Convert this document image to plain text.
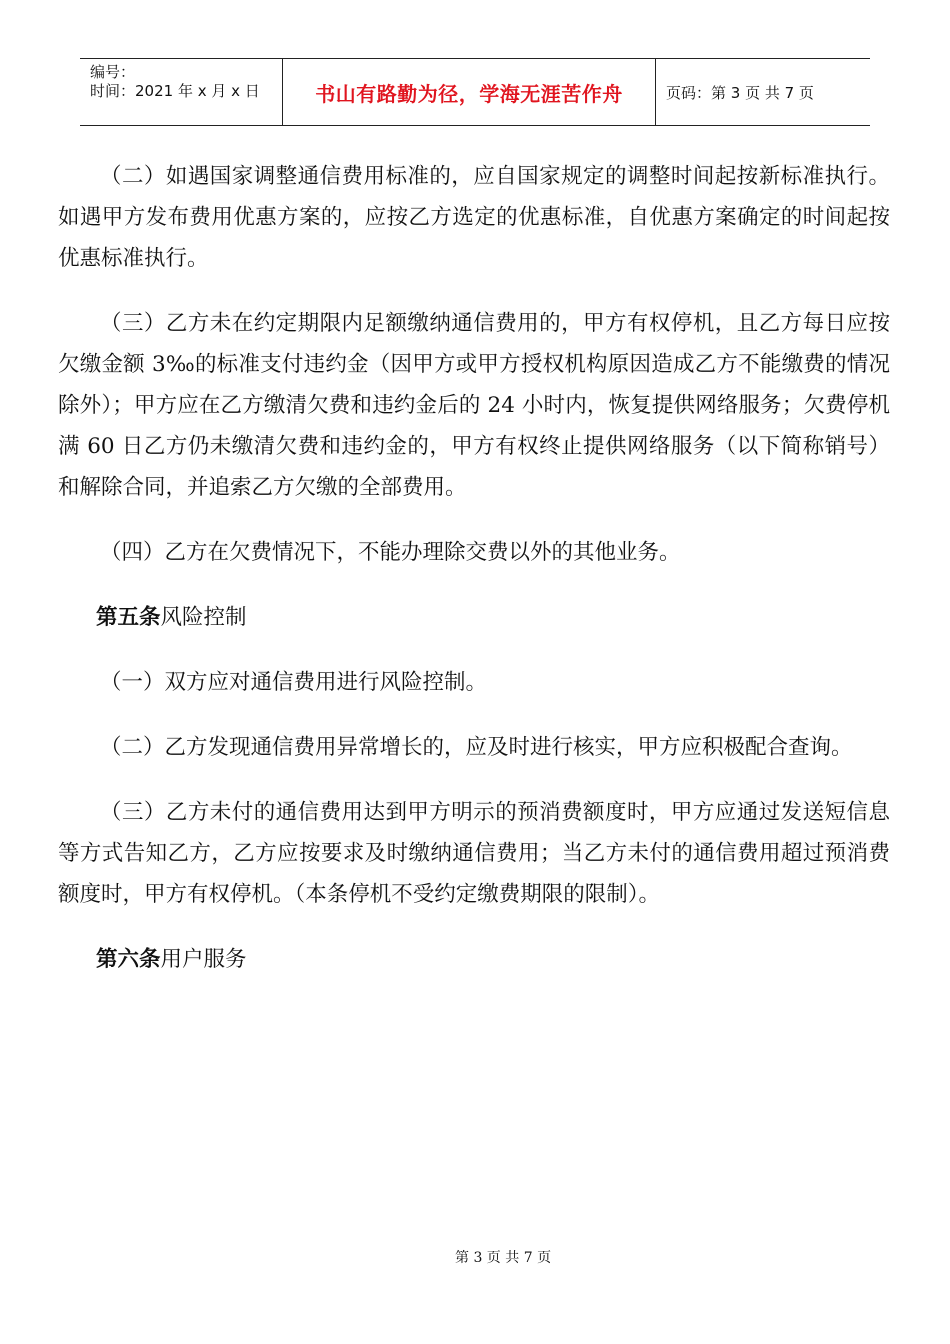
编号：
时间：2021 年 x 月 x 日	书山有路勤为径，学海无涯苦作舟	页码：第 3 页 共 7 页

（二）如遇国家调整通信费用标准的，应自国家规定的调整时间起按新标准执行。如遇甲方发布费用优惠方案的，应按乙方选定的优惠标准，自优惠方案确定的时间起按优惠标准执行。

（三）乙方未在约定期限内足额缴纳通信费用的，甲方有权停机，且乙方每日应按欠缴金额 3‰的标准支付违约金（因甲方或甲方授权机构原因造成乙方不能缴费的情况除外）；甲方应在乙方缴清欠费和违约金后的 24 小时内，恢复提供网络服务；欠费停机满 60 日乙方仍未缴清欠费和违约金的，甲方有权终止提供网络服务（以下简称销号）和解除合同，并追索乙方欠缴的全部费用。

（四）乙方在欠费情况下，不能办理除交费以外的其他业务。

第五条风险控制

（一）双方应对通信费用进行风险控制。

（二）乙方发现通信费用异常增长的，应及时进行核实，甲方应积极配合查询。

（三）乙方未付的通信费用达到甲方明示的预消费额度时，甲方应通过发送短信息等方式告知乙方，乙方应按要求及时缴纳通信费用；当乙方未付的通信费用超过预消费额度时，甲方有权停机。（本条停机不受约定缴费期限的限制）。

第六条用户服务

第 3 页 共 7 页
